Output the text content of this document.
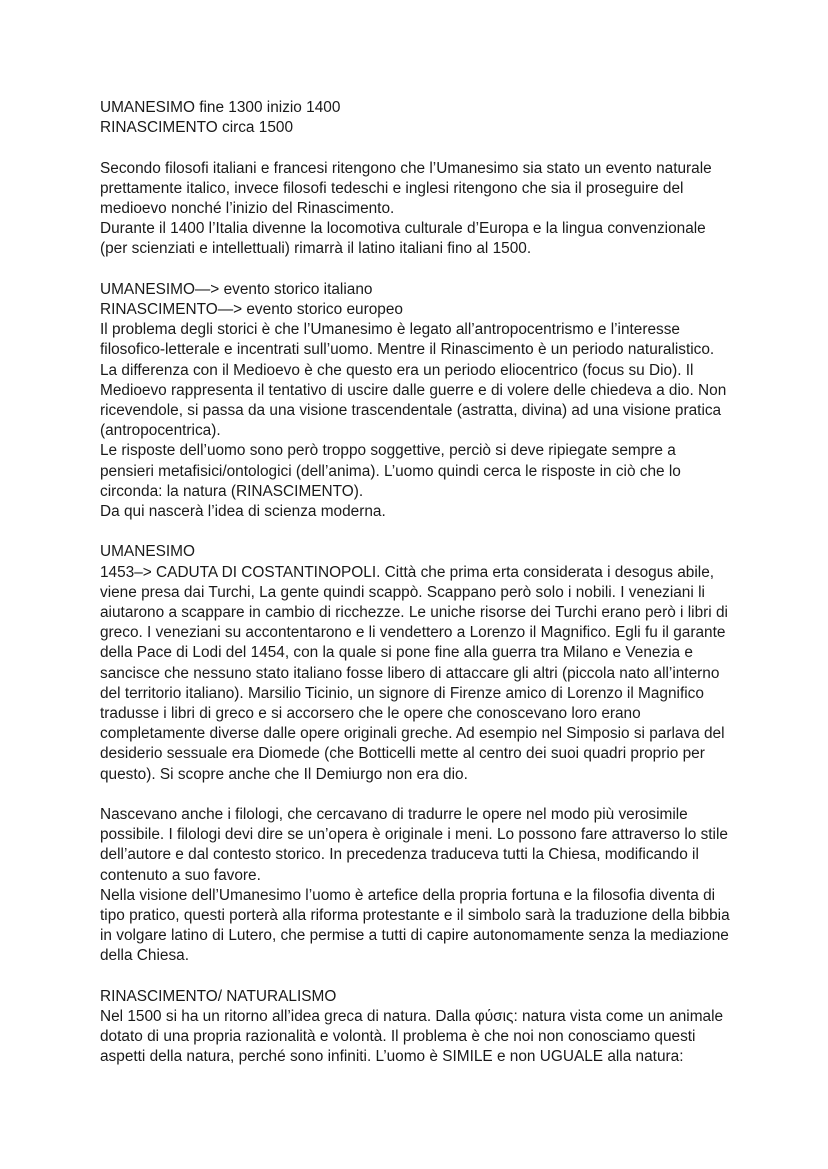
UMANESIMO fine 1300 inizio 1400
RINASCIMENTO circa 1500
Secondo filosofi italiani e francesi ritengono che l’Umanesimo sia stato un evento naturale
prettamente italico, invece filosofi tedeschi e inglesi ritengono che sia il proseguire del
medioevo nonché l’inizio del Rinascimento.
Durante il 1400 l’Italia divenne la locomotiva culturale d’Europa e la lingua convenzionale
(per scienziati e intellettuali) rimarrà il latino italiani fino al 1500.
UMANESIMO—> evento storico italiano
RINASCIMENTO—> evento storico europeo
Il problema degli storici è che l’Umanesimo è legato all’antropocentrismo e l’interesse
filosofico-letterale e incentrati sull’uomo. Mentre il Rinascimento è un periodo naturalistico.
La differenza con il Medioevo è che questo era un periodo eliocentrico (focus su Dio). Il
Medioevo rappresenta il tentativo di uscire dalle guerre e di volere delle chiedeva a dio. Non
ricevendole, si passa da una visione trascendentale (astratta, divina) ad una visione pratica
(antropocentrica).
Le risposte dell’uomo sono però troppo soggettive, perciò si deve ripiegate sempre a
pensieri metafisici/ontologici (dell’anima). L’uomo quindi cerca le risposte in ciò che lo
circonda: la natura (RINASCIMENTO).
Da qui nascerà l’idea di scienza moderna.
UMANESIMO
1453–> CADUTA DI COSTANTINOPOLI. Città che prima erta considerata i desogus abile,
viene presa dai Turchi, La gente quindi scappò. Scappano però solo i nobili. I veneziani li
aiutarono a scappare in cambio di ricchezze. Le uniche risorse dei Turchi erano però i libri di
greco. I veneziani su accontentarono e li vendettero a Lorenzo il Magnifico. Egli fu il garante
della Pace di Lodi del 1454, con la quale si pone fine alla guerra tra Milano e Venezia e
sancisce che nessuno stato italiano fosse libero di attaccare gli altri (piccola nato all’interno
del territorio italiano). Marsilio Ticinio, un signore di Firenze amico di Lorenzo il Magnifico
tradusse i libri di greco e si accorsero che le opere che conoscevano loro erano
completamente diverse dalle opere originali greche. Ad esempio nel Simposio si parlava del
desiderio sessuale era Diomede (che Botticelli mette al centro dei suoi quadri proprio per
questo). Si scopre anche che Il Demiurgo non era dio.
Nascevano anche i filologi, che cercavano di tradurre le opere nel modo più verosimile
possibile. I filologi devi dire se un’opera è originale i meni. Lo possono fare attraverso lo stile
dell’autore e dal contesto storico. In precedenza traduceva tutti la Chiesa, modificando il
contenuto a suo favore.
Nella visione dell’Umanesimo l’uomo è artefice della propria fortuna e la filosofia diventa di
tipo pratico, questi porterà alla riforma protestante e il simbolo sarà la traduzione della bibbia
in volgare latino di Lutero, che permise a tutti di capire autonomamente senza la mediazione
della Chiesa.
RINASCIMENTO/ NATURALISMO
Nel 1500 si ha un ritorno all’idea greca di natura. Dalla φύσις: natura vista come un animale
dotato di una propria razionalità e volontà. Il problema è che noi non conosciamo questi
aspetti della natura, perché sono infiniti. L’uomo è SIMILE e non UGUALE alla natura:
